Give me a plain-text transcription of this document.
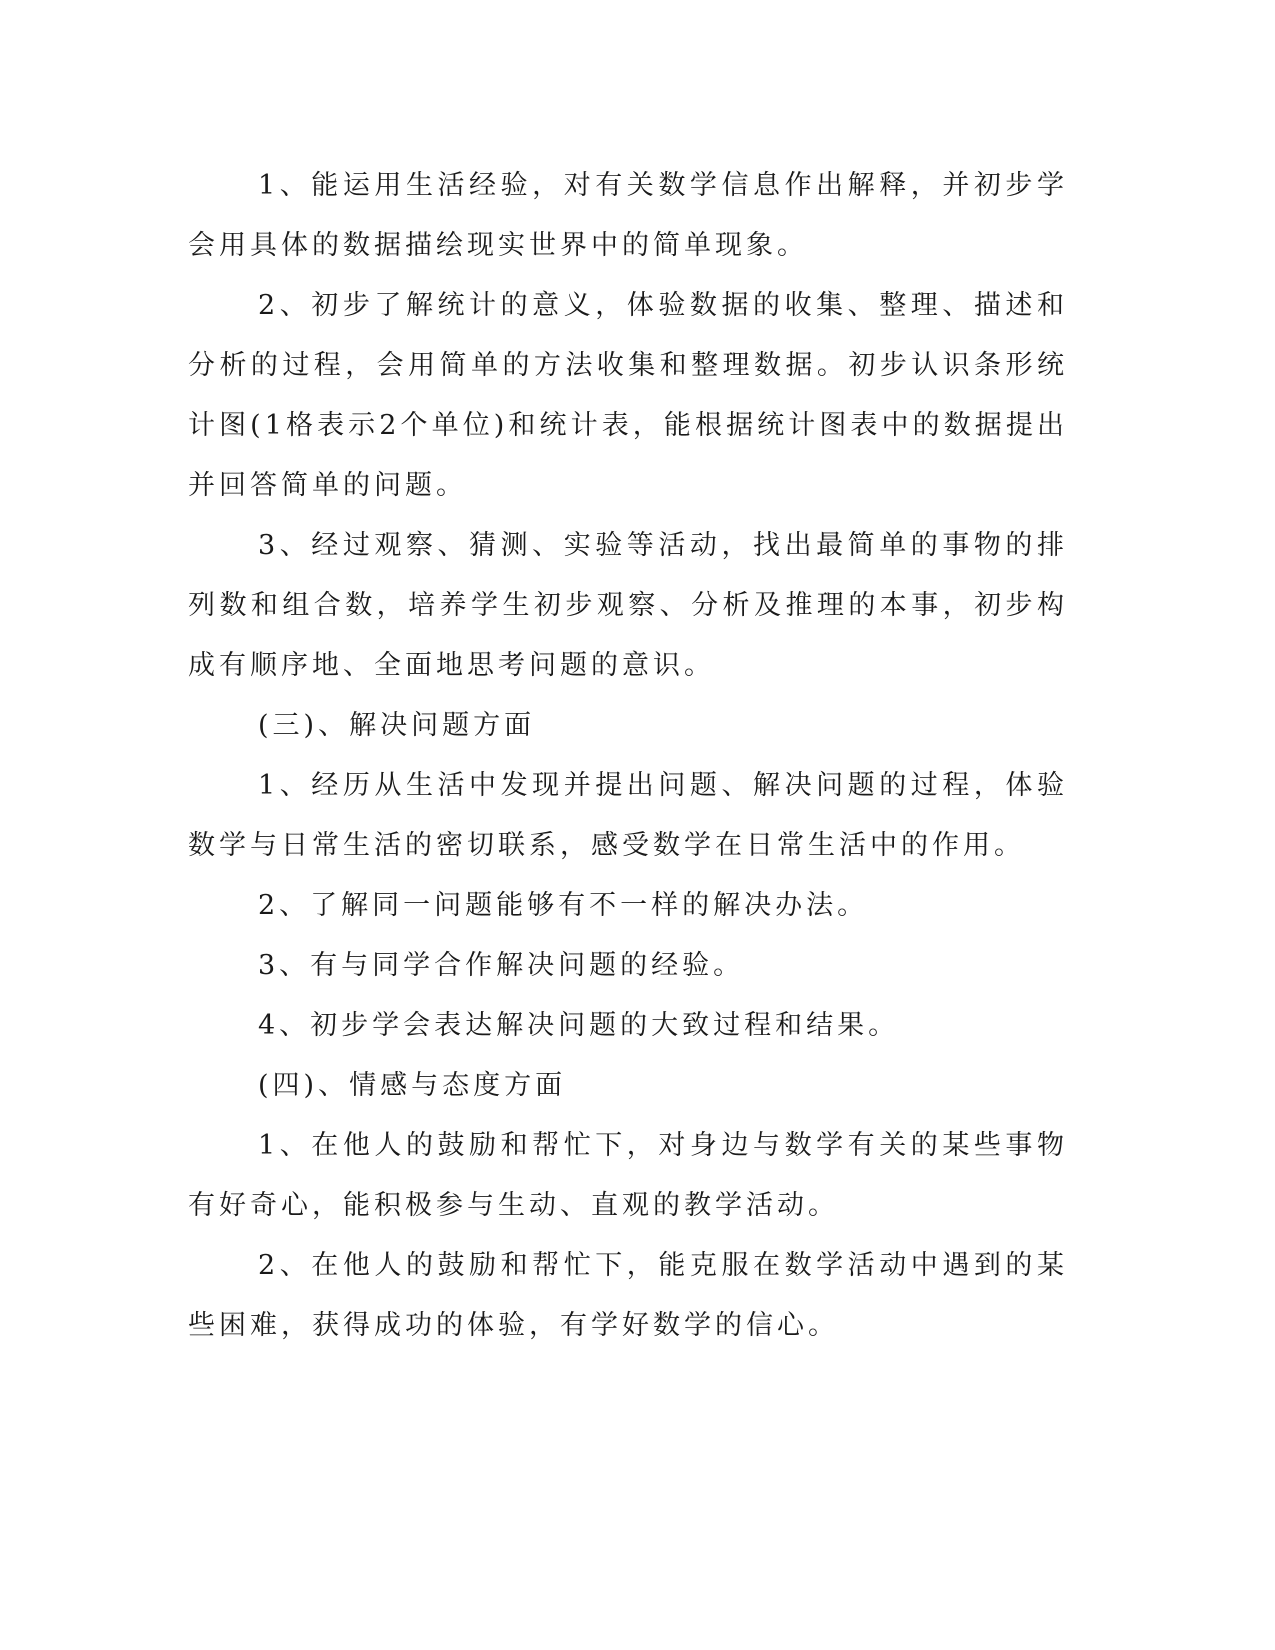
1、能运用生活经验，对有关数学信息作出解释，并初步学会用具体的数据描绘现实世界中的简单现象。

2、初步了解统计的意义，体验数据的收集、整理、描述和分析的过程，会用简单的方法收集和整理数据。初步认识条形统计图(1格表示2个单位)和统计表，能根据统计图表中的数据提出并回答简单的问题。

3、经过观察、猜测、实验等活动，找出最简单的事物的排列数和组合数，培养学生初步观察、分析及推理的本事，初步构成有顺序地、全面地思考问题的意识。

(三)、解决问题方面

1、经历从生活中发现并提出问题、解决问题的过程，体验数学与日常生活的密切联系，感受数学在日常生活中的作用。

2、了解同一问题能够有不一样的解决办法。

3、有与同学合作解决问题的经验。

4、初步学会表达解决问题的大致过程和结果。

(四)、情感与态度方面

1、在他人的鼓励和帮忙下，对身边与数学有关的某些事物有好奇心，能积极参与生动、直观的教学活动。

2、在他人的鼓励和帮忙下，能克服在数学活动中遇到的某些困难，获得成功的体验，有学好数学的信心。
